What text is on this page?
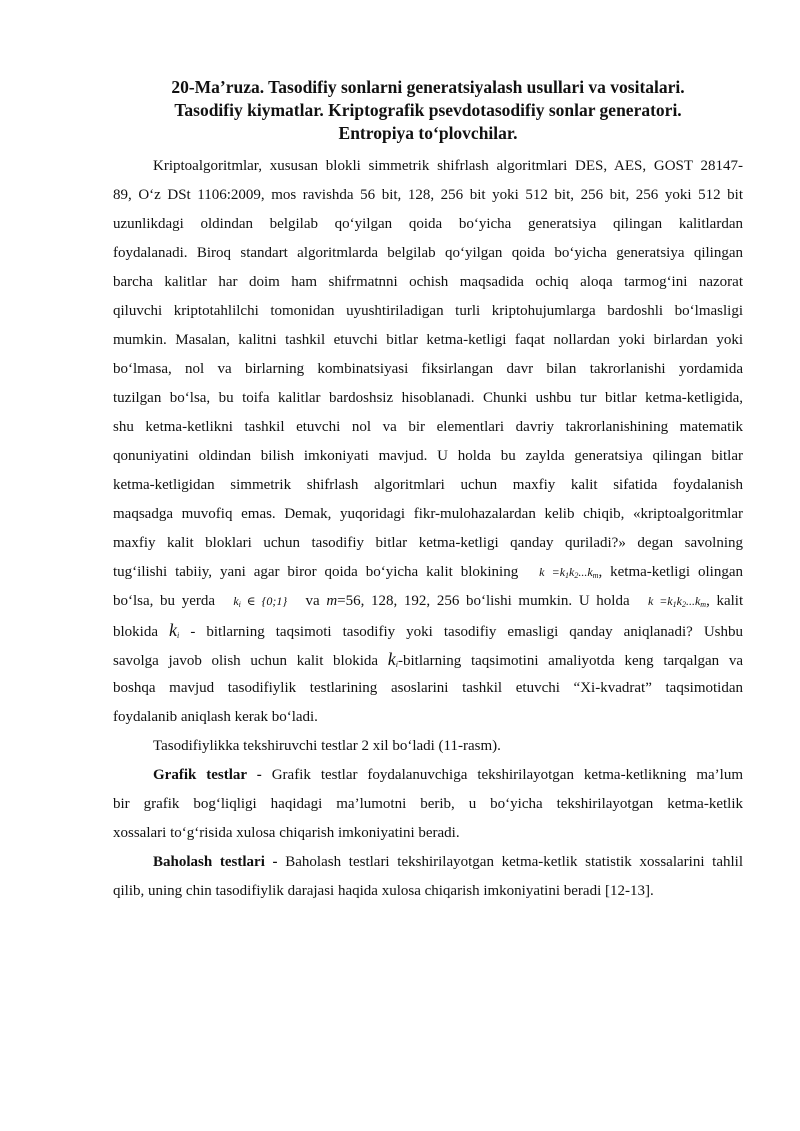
20-Ma’ruza. Tasodifiy sonlarni generatsiyalash usullari va vositalari.
Tasodifiy kiymatlar. Kriptografik psevdotasodifiy sonlar generatori.
Entropiya to‘plovchilar.
Kriptoalgoritmlar, xususan blokli simmetrik shifrlash algoritmlari DES, AES, GOST 28147-
89, O‘z DSt 1106:2009, mos ravishda 56 bit, 128, 256 bit yoki 512 bit, 256 bit, 256 yoki 512 bit
uzunlikdagi oldindan belgilab qo‘yilgan qoida bo‘yicha generatsiya qilingan kalitlardan
foydalanadi. Biroq standart algoritmlarda belgilab qo‘yilgan qoida bo‘yicha generatsiya qilingan
barcha kalitlar har doim ham shifrmatnni ochish maqsadida ochiq aloqa tarmog‘ini nazorat
qiluvchi kriptotahlilchi tomonidan uyushtiriladigan turli kriptohujumlarga bardoshli bo‘lmasligi
mumkin. Masalan, kalitni tashkil etuvchi bitlar ketma-ketligi faqat nollardan yoki birlardan yoki
bo‘lmasa, nol va birlarning kombinatsiyasi fiksirlangan davr bilan takrorlanishi yordamida
tuzilgan bo‘lsa, bu toifa kalitlar bardoshsiz hisoblanadi. Chunki ushbu tur bitlar ketma-ketligida,
shu ketma-ketlikni tashkil etuvchi nol va bir elementlari davriy takrorlanishining matematik
qonuniyatini oldindan bilish imkoniyati mavjud. U holda bu zaylda generatsiya qilingan bitlar
ketma-ketligidan simmetrik shifrlash algoritmlari uchun maxfiy kalit sifatida foydalanish
maqsadga muvofiq emas. Demak, yuqoridagi fikr-mulohazalardan kelib chiqib, «kriptoalgoritmlar
maxfiy kalit bloklari uchun tasodifiy bitlar ketma-ketligi qanday quriladi?» degan savolning
tug‘ilishi tabiiy, yani agar biror qoida bo‘yicha kalit blokining $k =k_1k_2...k_m$, ketma-ketligi olingan
bo‘lsa, bu yerda $k_i$ ∈ {0;1} va m=56, 128, 192, 256 bo‘lishi mumkin. U holda $k =k_1k_2...k_m$, kalit
blokida $k_i$ - bitlarning taqsimoti tasodifiy yoki tasodifiy emasligi qanday aniqlanadi? Ushbu
savolga javob olish uchun kalit blokida $k_i$-bitlarning taqsimotini amaliyotda keng tarqalgan va
boshqa mavjud tasodifiylik testlarining asoslarini tashkil etuvchi “Xi-kvadrat” taqsimotidan
foydalanib aniqlash kerak bo‘ladi.
Tasodifiylikka tekshiruvchi testlar 2 xil bo‘ladi (11-rasm).
Grafik testlar - Grafik testlar foydalanuvchiga tekshirilayotgan ketma-ketlikning ma’lum
bir grafik bog‘liqligi haqidagi ma’lumotni berib, u bo‘yicha tekshirilayotgan ketma-ketlik
xossalari to‘g‘risida xulosa chiqarish imkoniyatini beradi.
Baholash testlari - Baholash testlari tekshirilayotgan ketma-ketlik statistik xossalarini tahlil
qilib, uning chin tasodifiylik darajasi haqida xulosa chiqarish imkoniyatini beradi [12-13].
